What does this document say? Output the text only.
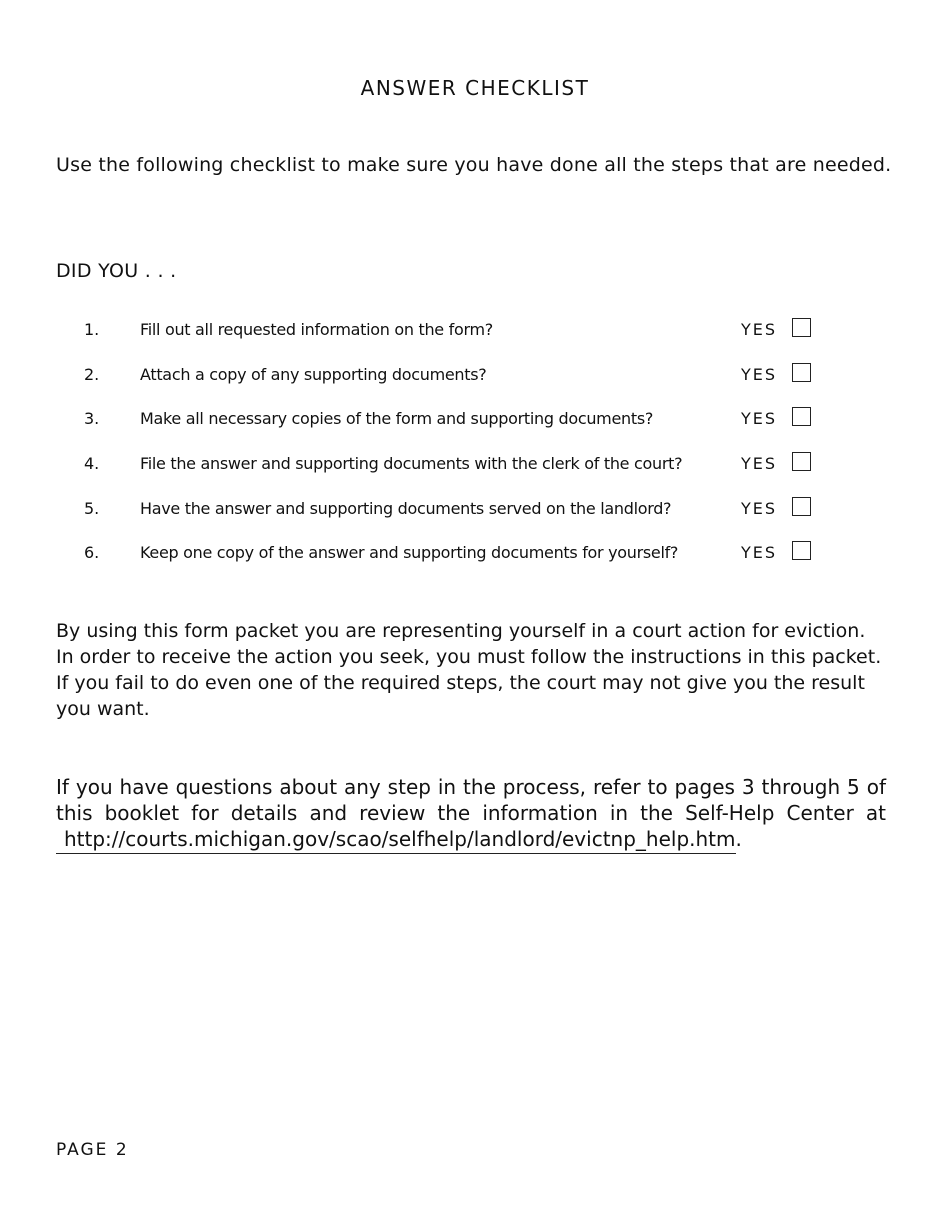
ANSWER CHECKLIST
Use the following checklist to make sure you have done all the steps that are needed.
DID YOU . . .
1.	Fill out all requested information on the form?	YES
2.	Attach a copy of any supporting documents?	YES
3.	Make all necessary copies of the form and supporting documents?	YES
4.	File the answer and supporting documents with the clerk of the court?	YES
5.	Have the answer and supporting documents served on the landlord?	YES
6.	Keep one copy of the answer and supporting documents for yourself?	YES
By using this form packet you are representing yourself in a court action for eviction. In order to receive the action you seek, you must follow the instructions in this packet. If you fail to do even one of the required steps, the court may not give you the result you want.
If you have questions about any step in the process, refer to pages 3 through 5 of this booklet for details and review the information in the Self-Help Center at http://courts.michigan.gov/scao/selfhelp/landlord/evictnp_help.htm.
PAGE 2
